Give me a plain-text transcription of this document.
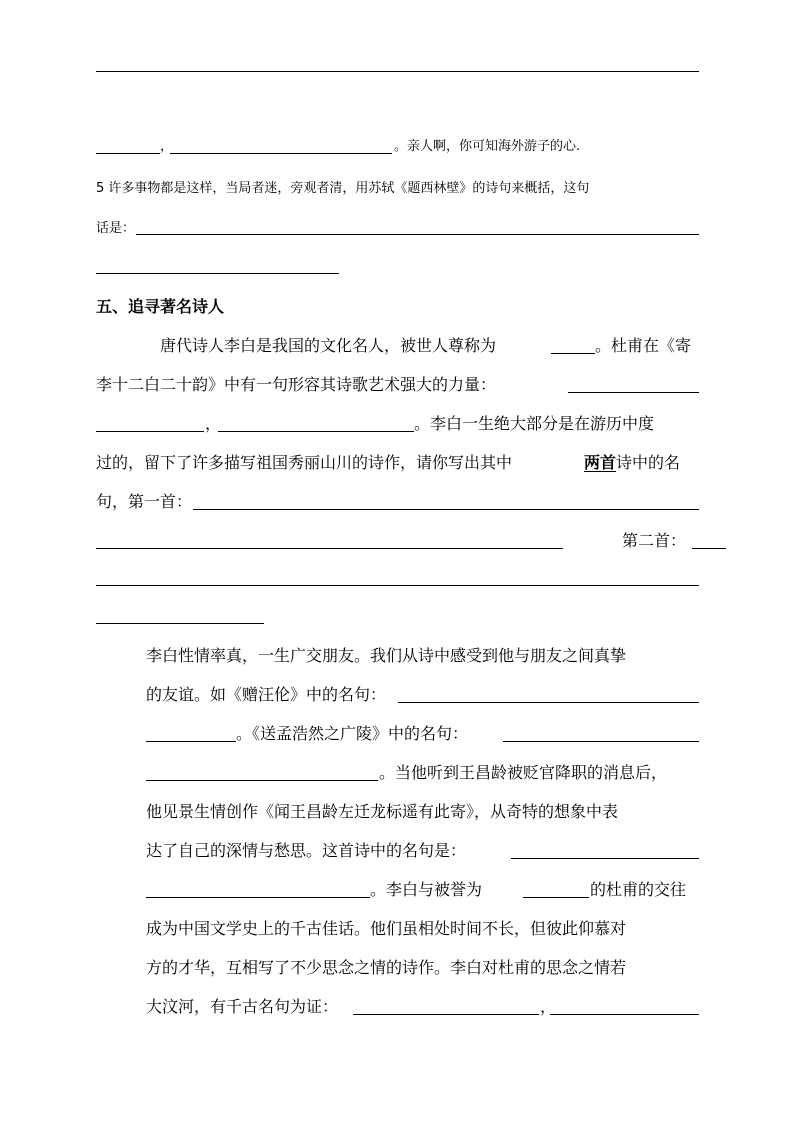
，	。亲人啊，你可知海外游子的心.
5 许多事物都是这样，当局者迷，旁观者清，用苏轼《题西林壁》的诗句来概括，这句
话是：
五、追寻著名诗人
唐代诗人李白是我国的文化名人，被世人尊称为	。杜甫在《寄
李十二白二十韵》中有一句形容其诗歌艺术强大的力量：
，	。李白一生绝大部分是在游历中度
过的，留下了许多描写祖国秀丽山川的诗作，请你写出其中	两首 诗中的名
句，第一首：
第二首：
李白性情率真，一生广交朋友。我们从诗中感受到他与朋友之间真挚
的友谊。如《赠汪伦》中的名句：
。《送孟浩然之广陵》中的名句：
。当他听到王昌龄被贬官降职的消息后，
他见景生情创作《闻王昌龄左迁龙标遥有此寄》，从奇特的想象中表
达了自己的深情与愁思。这首诗中的名句是：
。李白与被誉为	的杜甫的交往
成为中国文学史上的千古佳话。他们虽相处时间不长，但彼此仰慕对
方的才华，互相写了不少思念之情的诗作。李白对杜甫的思念之情若
大汶河，有千古名句为证：	，
